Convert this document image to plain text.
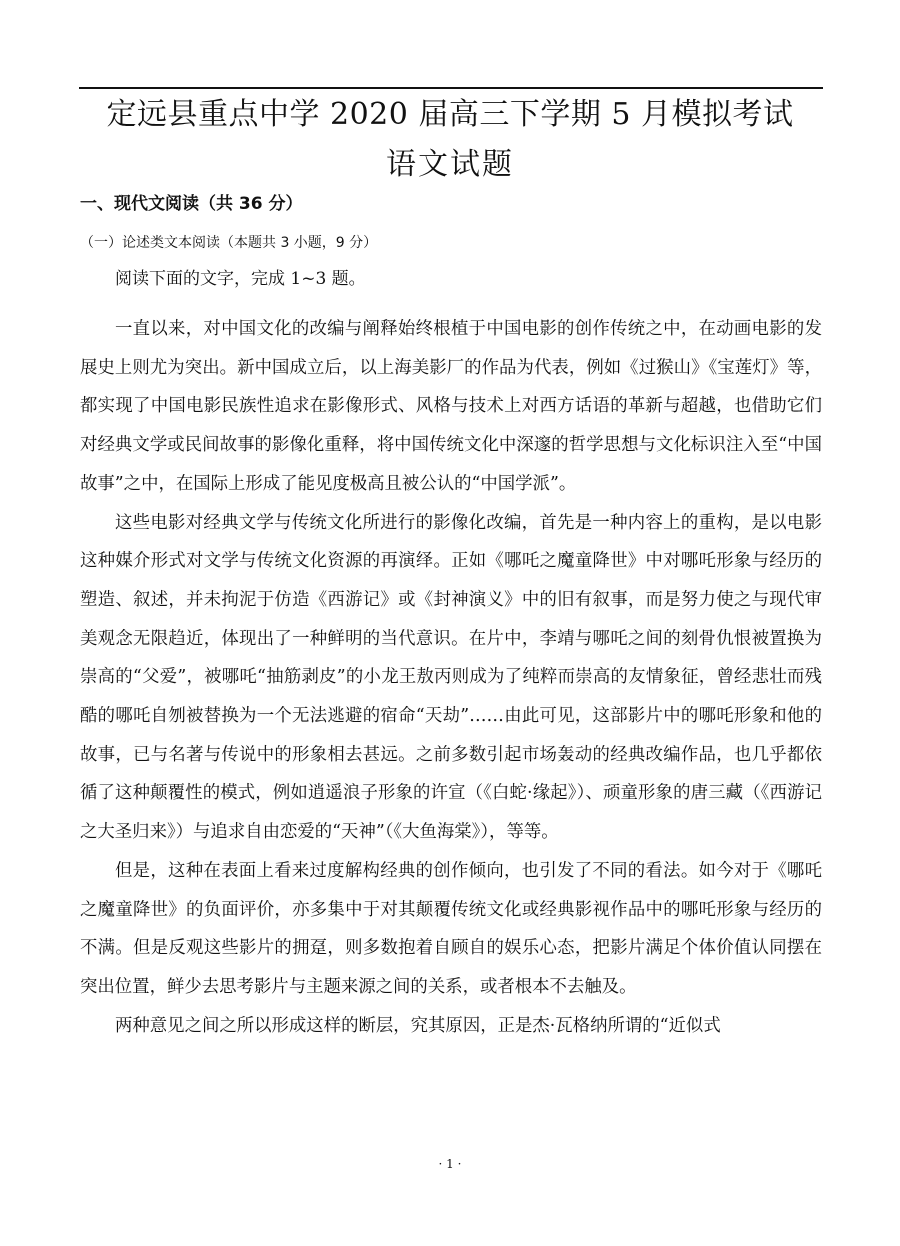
定远县重点中学 2020 届高三下学期 5 月模拟考试
语文试题
一、现代文阅读（共 36 分）
（一）论述类文本阅读（本题共 3 小题，9 分）
阅读下面的文字，完成 1~3 题。

一直以来，对中国文化的改编与阐释始终根植于中国电影的创作传统之中，在动画电影的发展史上则尤为突出。新中国成立后，以上海美影厂的作品为代表，例如《过猴山》《宝莲灯》等，都实现了中国电影民族性追求在影像形式、风格与技术上对西方话语的革新与超越，也借助它们对经典文学或民间故事的影像化重释，将中国传统文化中深邃的哲学思想与文化标识注入至“中国故事”之中，在国际上形成了能见度极高且被公认的“中国学派”。

这些电影对经典文学与传统文化所进行的影像化改编，首先是一种内容上的重构，是以电影这种媒介形式对文学与传统文化资源的再演绎。正如《哪吒之魔童降世》中对哪吒形象与经历的塑造、叙述，并未拘泥于仿造《西游记》或《封神演义》中的旧有叙事，而是努力使之与现代审美观念无限趋近，体现出了一种鲜明的当代意识。在片中，李靖与哪吒之间的刻骨仇恨被置换为崇高的“父爱”，被哪吒“抽筋剥皮”的小龙王敖丙则成为了纯粹而崇高的友情象征，曾经悲壮而残酷的哪吒自刎被替换为一个无法逃避的宿命“天劫”……由此可见，这部影片中的哪吒形象和他的故事，已与名著与传说中的形象相去甚远。之前多数引起市场轰动的经典改编作品，也几乎都依循了这种颠覆性的模式，例如逍遥浪子形象的许宣（《白蛇·缘起》）、顽童形象的唐三藏（《西游记之大圣归来》）与追求自由恋爱的“天神”（《大鱼海棠》），等等。

但是，这种在表面上看来过度解构经典的创作倾向，也引发了不同的看法。如今对于《哪吒之魔童降世》的负面评价，亦多集中于对其颠覆传统文化或经典影视作品中的哪吒形象与经历的不满。但是反观这些影片的拥趸，则多数抱着自顾自的娱乐心态，把影片满足个体价值认同摆在突出位置，鲜少去思考影片与主题来源之间的关系，或者根本不去触及。

两种意见之间之所以形成这样的断层，究其原因，正是杰·瓦格纳所谓的“近似式

· 1 ·
